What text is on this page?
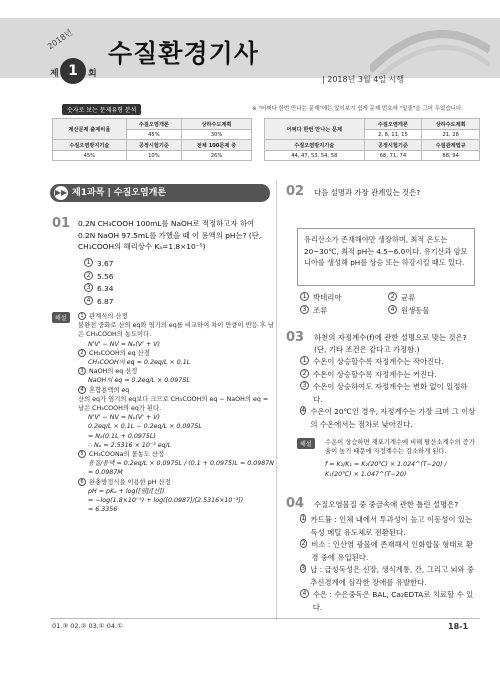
2018년
제 1	회
수질환경기사
| 2018년 3월 4일 시행
숫자로 보는 문제유형 분석	※ "어쩌다 한번 만나는 문제"에는 앞이보기 쉽게 문제 번호에 "밑줄"을 그어 두었습니다.
계산문제 출제비율	수질오염개론	상하수도계획
	45%	30%
수질오염방지기술	공정시험기준	전체 100문제 중
45%	10%	26%
어쩌다 한번 만나는 문제	수질오염개론	상하수도계획
	2, 8, 11, 15	21, 28
수질오염방지기술	공정시험기준	수질관계법규
44, 47, 53, 54, 58	68, 71, 74	88, 94
▶▶ 제1과목 | 수질오염개론
01 0.2N CH₃COOH 100mL를 NaOH로 적정하고자 하여 0.2N NaOH 97.5mL를 가했을 때 이 용액의 pH는? (단, CH₃COOH의 해리상수 Kₐ=1.8×10⁻⁵)
1 3.67
2 5.56
3 6.34
4 6.87
해설	1 관계식의 산정
불완전 중화로 산의 eq와 염기의 eq를 비교하여 차이 만큼이 반응 후 남은 CH₃COOH의 농도이다.
N'V' − NV = Nₒ(V' + V)
2 CH₃COOH의 eq 산정
CH₃COOH의 eq = 0.2eq/L × 0.1L
3 NaOH의 eq 산정
NaOH의 eq = 0.2eq/L × 0.0975L
4 혼합용액의 eq
산의 eq가 염기의 eq보다 크므로 CH₃COOH의 eq − NaOH의 eq = 남은 CH₃COOH의 eq가 된다.
N'V' − NV = Nₒ(V' + V)
0.2eq/L × 0.1L − 0.2eq/L × 0.0975L
= Nₒ(0.1L + 0.0975L)
∴ Nₒ = 2.5316 × 10⁻³ eq/L
5 CH₃COONa의 몰농도 산정
용질/용액 = 0.2eq/L × 0.0975L / (0.1 + 0.0975)L = 0.0987N = 0.0987M
6 완충방정식을 이용한 pH 산정
pH = pKₐ + log([염]/[산])
= −log(1.8×10⁻⁵) + log([0.0987]/[2.5316×10⁻³])
= 6.3356
02 다음 설명과 가장 관계있는 것은?
유리산소가 존재해야만 생장하며, 최적 온도는 20~30℃, 최적 pH는 4.5~6.0이다. 유기산과 암모니아를 생성해 pH를 상승 또는 하강시킬 때도 있다.
1 박테리아	2 균류
3 조류	4 원생동물
03 하천의 자정계수(f)에 관한 설명으로 맞는 것은? (단, 기타 조건은 같다고 가정함.)
1 수온이 상승할수록 자정계수는 작아진다.
2 수온이 상승할수록 자정계수는 커진다.
3 수온이 상승하여도 자정계수는 변화 없이 일정하다.
4 수온이 20℃인 경우, 자정계수는 가장 크며 그 이상의 수온에서는 점차로 낮아진다.
해설	수온이 상승하면 재포기계수에 비해 탈산소계수의 증가율이 높기 때문에 자정계수는 감소하게 된다.
f = K₂/K₁ = K₂(20℃) × 1.024^(T−20) / K₁(20℃) × 1.047^(T−20)
04 수질오염물질 중 중금속에 관한 틀린 설명은?
1 카드뮴 : 인체 내에서 투과성이 높고 이동성이 있는 독성 메틸 유도체로 전환된다.
2 비소 : 인산염 광물에 존재해서 인화합물 형태로 환경 중에 유입된다.
3 납 : 급성독성은 신장, 생식계통, 간, 그리고 뇌와 중추신경계에 심각한 장애를 유발한다.
4 수은 : 수은중독은 BAL, Ca₂EDTA로 치료할 수 있다.
01.③ 02.② 03.① 04.①	18-1
